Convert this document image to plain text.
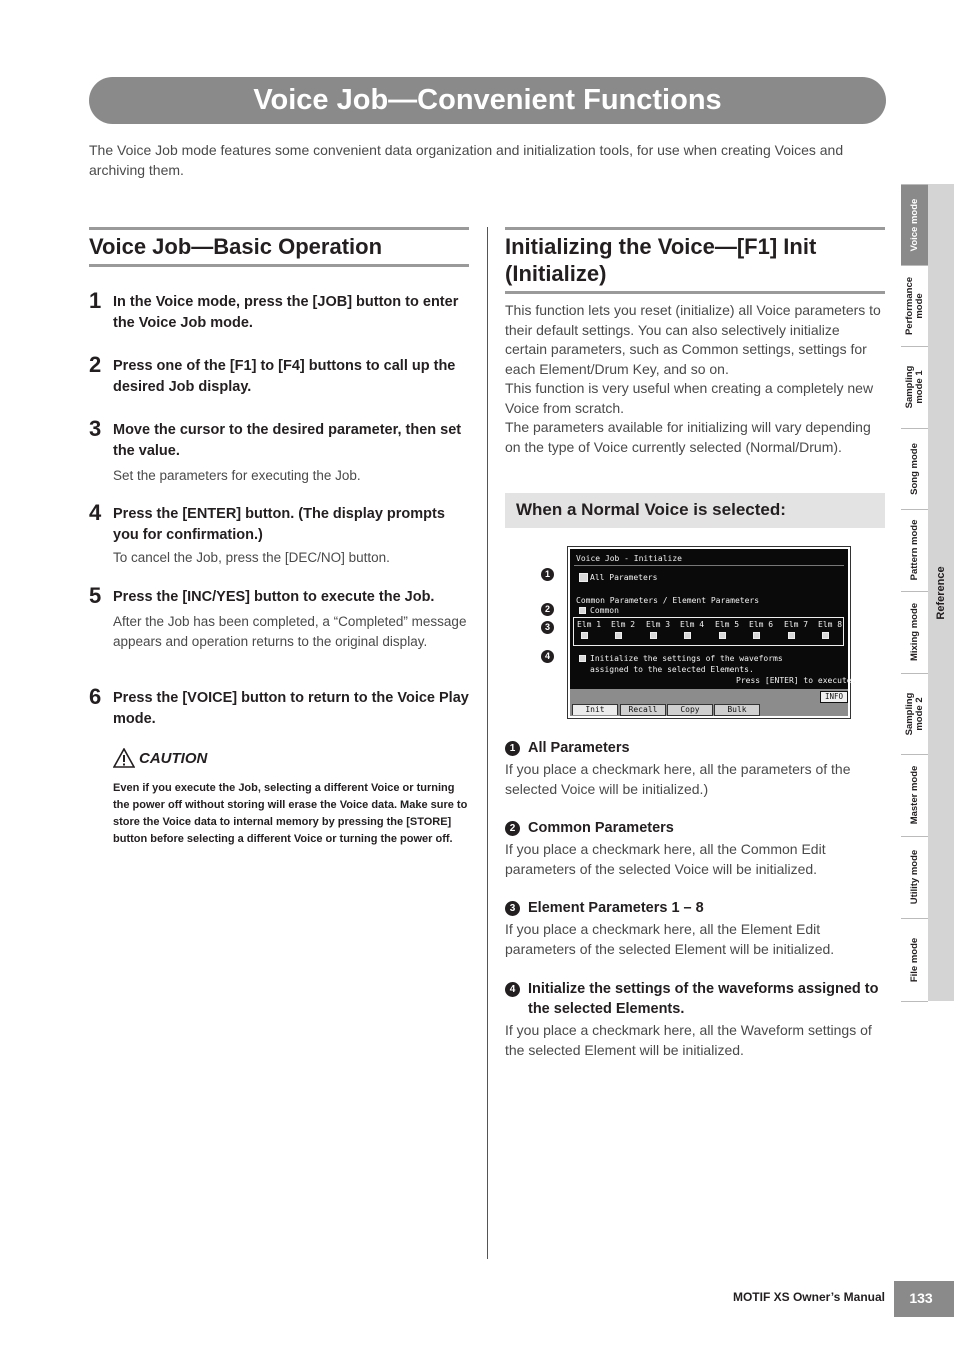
Voice Job—Convenient Functions
The Voice Job mode features some convenient data organization and initialization tools, for use when creating Voices and archiving them.
Voice Job—Basic Operation
1 In the Voice mode, press the [JOB] button to enter the Voice Job mode.
2 Press one of the [F1] to [F4] buttons to call up the desired Job display.
3 Move the cursor to the desired parameter, then set the value.
Set the parameters for executing the Job.
4 Press the [ENTER] button. (The display prompts you for confirmation.)
To cancel the Job, press the [DEC/NO] button.
5 Press the [INC/YES] button to execute the Job.
After the Job has been completed, a “Completed” message appears and operation returns to the original display.
6 Press the [VOICE] button to return to the Voice Play mode.
CAUTION
Even if you execute the Job, selecting a different Voice or turning the power off without storing will erase the Voice data. Make sure to store the Voice data to internal memory by pressing the [STORE] button before selecting a different Voice or turning the power off.
Initializing the Voice—[F1] Init (Initialize)
This function lets you reset (initialize) all Voice parameters to their default settings. You can also selectively initialize certain parameters, such as Common settings, settings for each Element/Drum Key, and so on.
This function is very useful when creating a completely new Voice from scratch.
The parameters available for initializing will vary depending on the type of Voice currently selected (Normal/Drum).
When a Normal Voice is selected:
1
2
3
4
Voice Job - Initialize
All Parameters
Common Parameters / Element Parameters
Common
Elm 1 Elm 2 Elm 3 Elm 4 Elm 5 Elm 6 Elm 7 Elm 8
Initialize the settings of the waveforms
assigned to the selected Elements.
Press [ENTER] to execute.
INFO
Init	Recall	Copy	Bulk
1 All Parameters
If you place a checkmark here, all the parameters of the selected Voice will be initialized.)
2 Common Parameters
If you place a checkmark here, all the Common Edit parameters of the selected Voice will be initialized.
3 Element Parameters 1 – 8
If you place a checkmark here, all the Element Edit parameters of the selected Element will be initialized.
4 Initialize the settings of the waveforms assigned to the selected Elements.
If you place a checkmark here, all the Waveform settings of the selected Element will be initialized.
Voice mode
Performance mode
Sampling mode 1
Song mode
Pattern mode
Mixing mode
Sampling mode 2
Master mode
Utility mode
File mode
Reference
MOTIF XS Owner’s Manual	133
